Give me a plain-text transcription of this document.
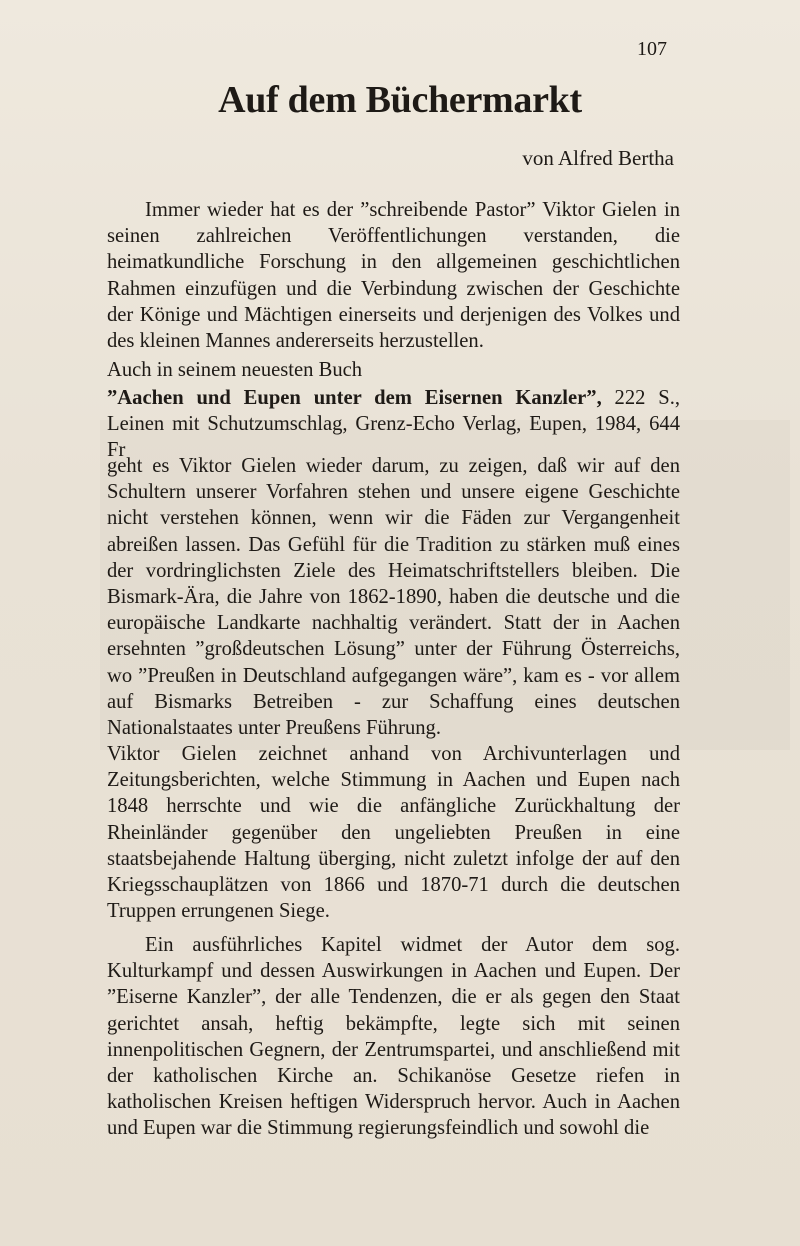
107
Auf dem Büchermarkt
von Alfred Bertha

Immer wieder hat es der ”schreibende Pastor” Viktor Gielen in seinen zahlreichen Veröffentlichungen verstanden, die heimatkundliche Forschung in den allgemeinen geschichtlichen Rahmen einzufügen und die Verbindung zwischen der Geschichte der Könige und Mächtigen einerseits und derjenigen des Volkes und des kleinen Mannes andererseits herzustellen.

Auch in seinem neuesten Buch

”Aachen und Eupen unter dem Eisernen Kanzler”, 222 S., Leinen mit Schutzumschlag, Grenz-Echo Verlag, Eupen, 1984, 644 Fr

geht es Viktor Gielen wieder darum, zu zeigen, daß wir auf den Schultern unserer Vorfahren stehen und unsere eigene Geschichte nicht verstehen können, wenn wir die Fäden zur Vergangenheit abreißen lassen. Das Gefühl für die Tradition zu stärken muß eines der vordringlichsten Ziele des Heimatschriftstellers bleiben. Die Bismark-Ära, die Jahre von 1862-1890, haben die deutsche und die europäische Landkarte nachhaltig verändert. Statt der in Aachen ersehnten ”großdeutschen Lösung” unter der Führung Österreichs, wo ”Preußen in Deutschland aufgegangen wäre”, kam es - vor allem auf Bismarks Betreiben - zur Schaffung eines deutschen Nationalstaates unter Preußens Führung.

Viktor Gielen zeichnet anhand von Archivunterlagen und Zeitungsberichten, welche Stimmung in Aachen und Eupen nach 1848 herrschte und wie die anfängliche Zurückhaltung der Rheinländer gegenüber den ungeliebten Preußen in eine staatsbejahende Haltung überging, nicht zuletzt infolge der auf den Kriegsschauplätzen von 1866 und 1870-71 durch die deutschen Truppen errungenen Siege.

Ein ausführliches Kapitel widmet der Autor dem sog. Kulturkampf und dessen Auswirkungen in Aachen und Eupen. Der ”Eiserne Kanzler”, der alle Tendenzen, die er als gegen den Staat gerichtet ansah, heftig bekämpfte, legte sich mit seinen innenpolitischen Gegnern, der Zentrumspartei, und anschließend mit der katholischen Kirche an. Schikanöse Gesetze riefen in katholischen Kreisen heftigen Widerspruch hervor. Auch in Aachen und Eupen war die Stimmung regierungsfeindlich und sowohl die
